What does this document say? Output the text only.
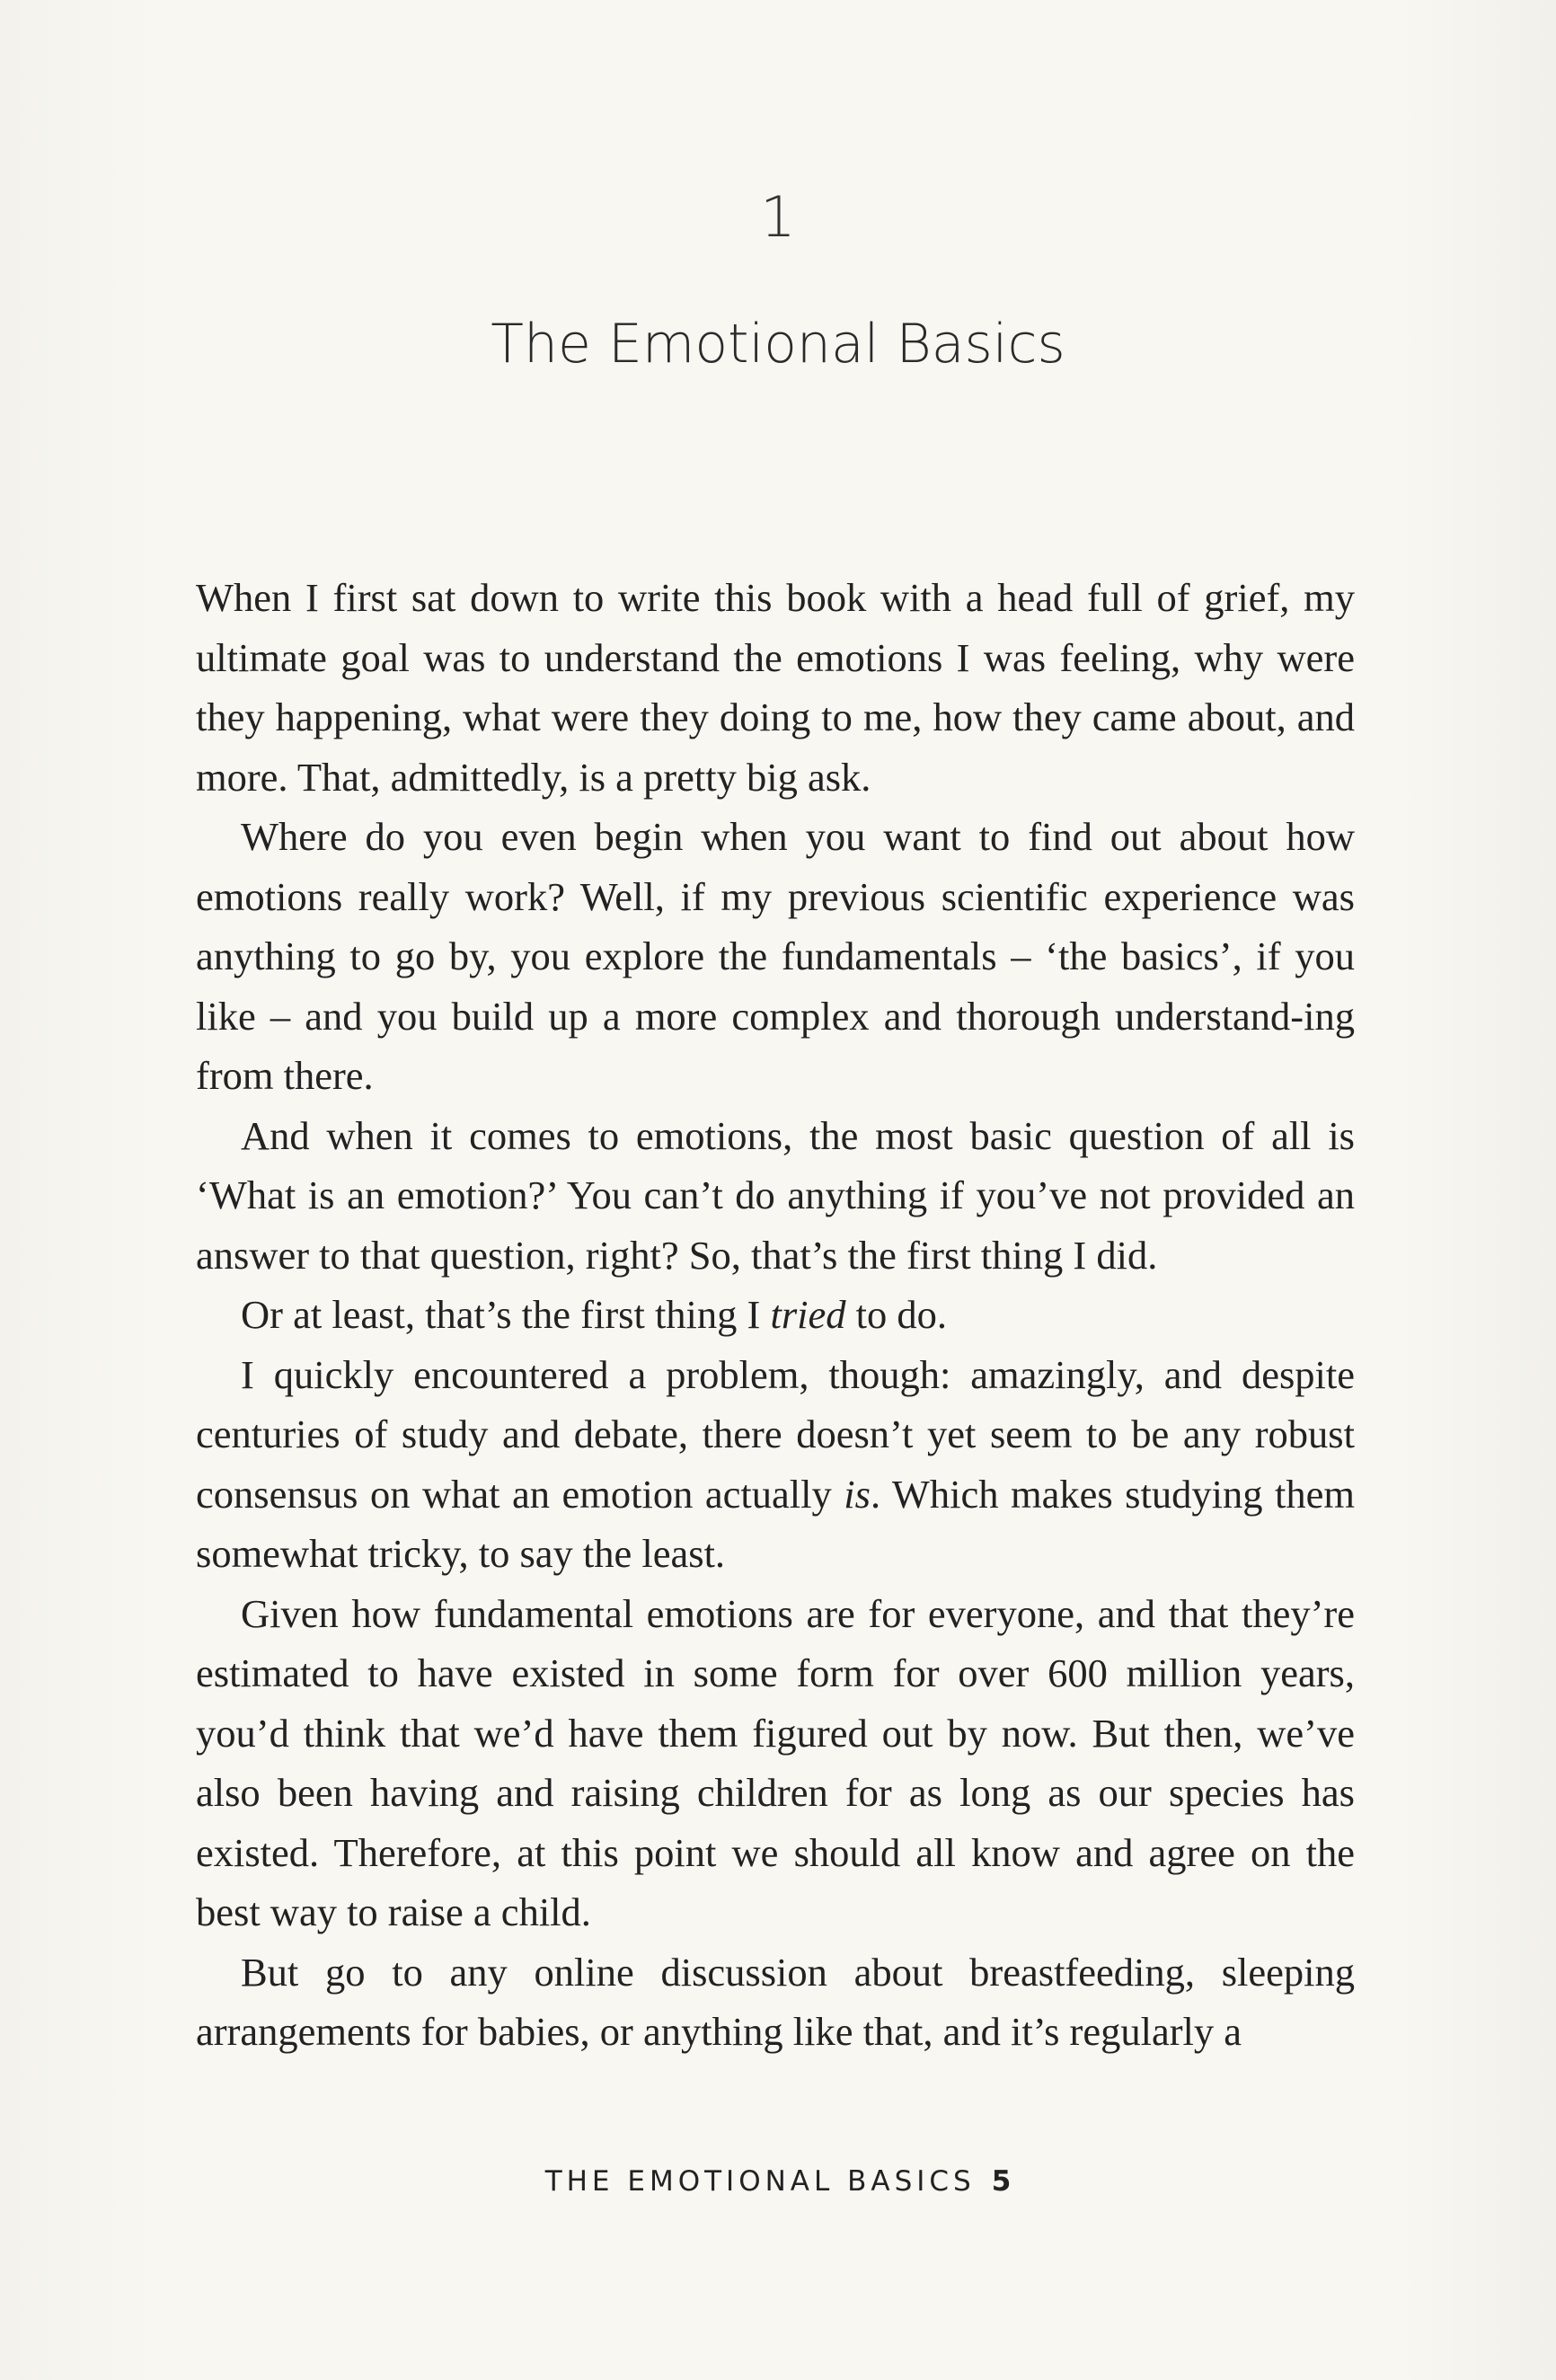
1
The Emotional Basics

When I first sat down to write this book with a head full of grief, my ultimate goal was to understand the emotions I was feeling, why were they happening, what were they doing to me, how they came about, and more. That, admittedly, is a pretty big ask.

Where do you even begin when you want to find out about how emotions really work? Well, if my previous scientific experience was anything to go by, you explore the fundamentals – ‘the basics’, if you like – and you build up a more complex and thorough understand-ing from there.

And when it comes to emotions, the most basic question of all is ‘What is an emotion?’ You can’t do anything if you’ve not provided an answer to that question, right? So, that’s the first thing I did.

Or at least, that’s the first thing I tried to do.

I quickly encountered a problem, though: amazingly, and despite centuries of study and debate, there doesn’t yet seem to be any robust consensus on what an emotion actually is. Which makes studying them somewhat tricky, to say the least.

Given how fundamental emotions are for everyone, and that they’re estimated to have existed in some form for over 600 million years, you’d think that we’d have them figured out by now. But then, we’ve also been having and raising children for as long as our species has existed. Therefore, at this point we should all know and agree on the best way to raise a child.

But go to any online discussion about breastfeeding, sleeping arrangements for babies, or anything like that, and it’s regularly a

THE EMOTIONAL BASICS 5
